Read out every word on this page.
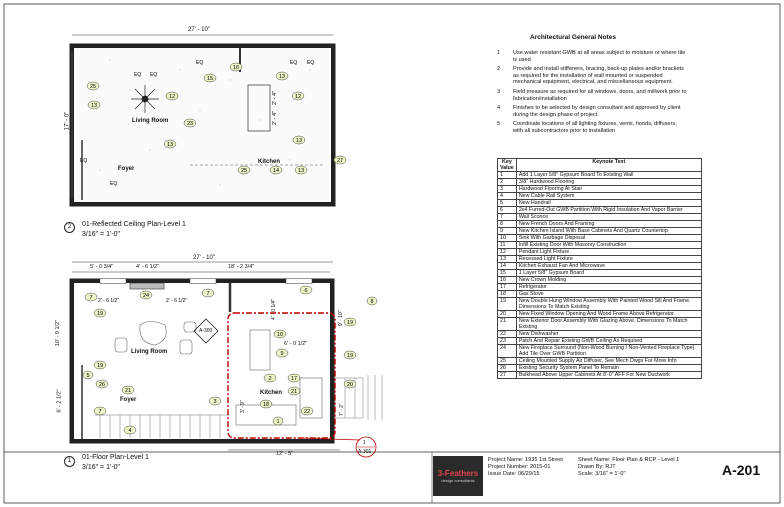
16
15
25
12
13
23
12
13
25	14	13
13
27
13
EQ EQ
EQ	EQ EQ
EQ
EQ
2' - 4"
2' - 4"
7	24	7	6
19
19
10
9	19
19
5	2	17
20
26
21	21
3	18
22
7
4
1
8
2' - 6 1/2"	2' - 6 1/2"	4' - 0 1/4"
3' - 9"
9' - 10"
7' - 2"
27' - 10"
17' - 0"	Living Room
Kitchen
Foyer
2	01-Reflected Ceiling Plan-Level 1
3/16" = 1'-0"
27' - 10"
5' - 0 3/4"	4' - 6 1/2"	18' - 2 3/4"
12' - 5"
6' - 0 1/2"
10' - 9 1/2"
6' - 2 1/2"
Living Room
Kitchen
Foyer
A-300
1
A-301
1	01-Floor Plan-Level 1
3/16" = 1'-0"
Architectural General Notes
1	Use water resistant GWB at all areas subject to moisture or where tile is used
2	Provide and install stiffeners, bracing, back-up plates and/or brackets as required for the installation of wall mounted or suspended mechanical equipment, electrical, and miscellaneous equipment.
3	Field measure as required for all windows, doors, and millwork prior to fabrication/installation
4	Finishes to be selected by design consultant and approved by client during the design phase of project.
5	Coordinate locations of all lighting fixtures, vents, hoods, diffusers, with all subcontractors prior to installation
Key Value	Keynote Text
1	Add 1 Layer 5/8" Gypsum Board To Existing Wall
2	3/8" Hardwood Flooring
3	Hardwood Flooring At Stair
4	New Cable Rail System
5	New Handrail
6	2x4 Furred-Out GWB Partition With Rigid Insulation And Vapor Barrier
7	Wall Sconce
8	New French Doors And Framing
9	New Kitchen Island With Base Cabinets And Quartz Countertop
10	Sink With Garbage Disposal
11	Infill Existing Door With Masonry Construction
12	Pendant Light Fixture
13	Recessed Light Fixture
14	Kitchen Exhaust Fan And Microwave
15	1 Layer 5/8" Gypsum Board
16	New Crown Molding
17	Refrigerator
18	Gas Stove
19	New Double Hung Window Assembly With Painted Wood Sill And Frame. Dimensions To Match Existing
20	New Fixed Window Opening And Wood Frame Above Refrigerator.
21	New Exterior Door Assembly With Glazing Above. Dimensions To Match Existing
22	New Dishwasher
23	Patch And Repair Existing GWB Ceiling As Required
24	New Fireplace Surround (Non-Wood Burning / Non-Vented Fireplace Type). Add Tile Over GWB Partition
25	Ceiling Mounted Supply Air Diffuser, See Mech Dwgs For More Info
26	Existing Security System Panel To Remain
27	Bulkhead Above Upper Cabinets At 8'-0" AFF For New Ductwork
3-Feathers
design consultants
Project Name: 1935 1st Street
Project Number: 2015-01
Issue Date: 06/29/15
Sheet Name: Floor Plan & RCP - Level 1
Drawn By: RJT
Scale: 3/16" = 1'-0"	A-201
